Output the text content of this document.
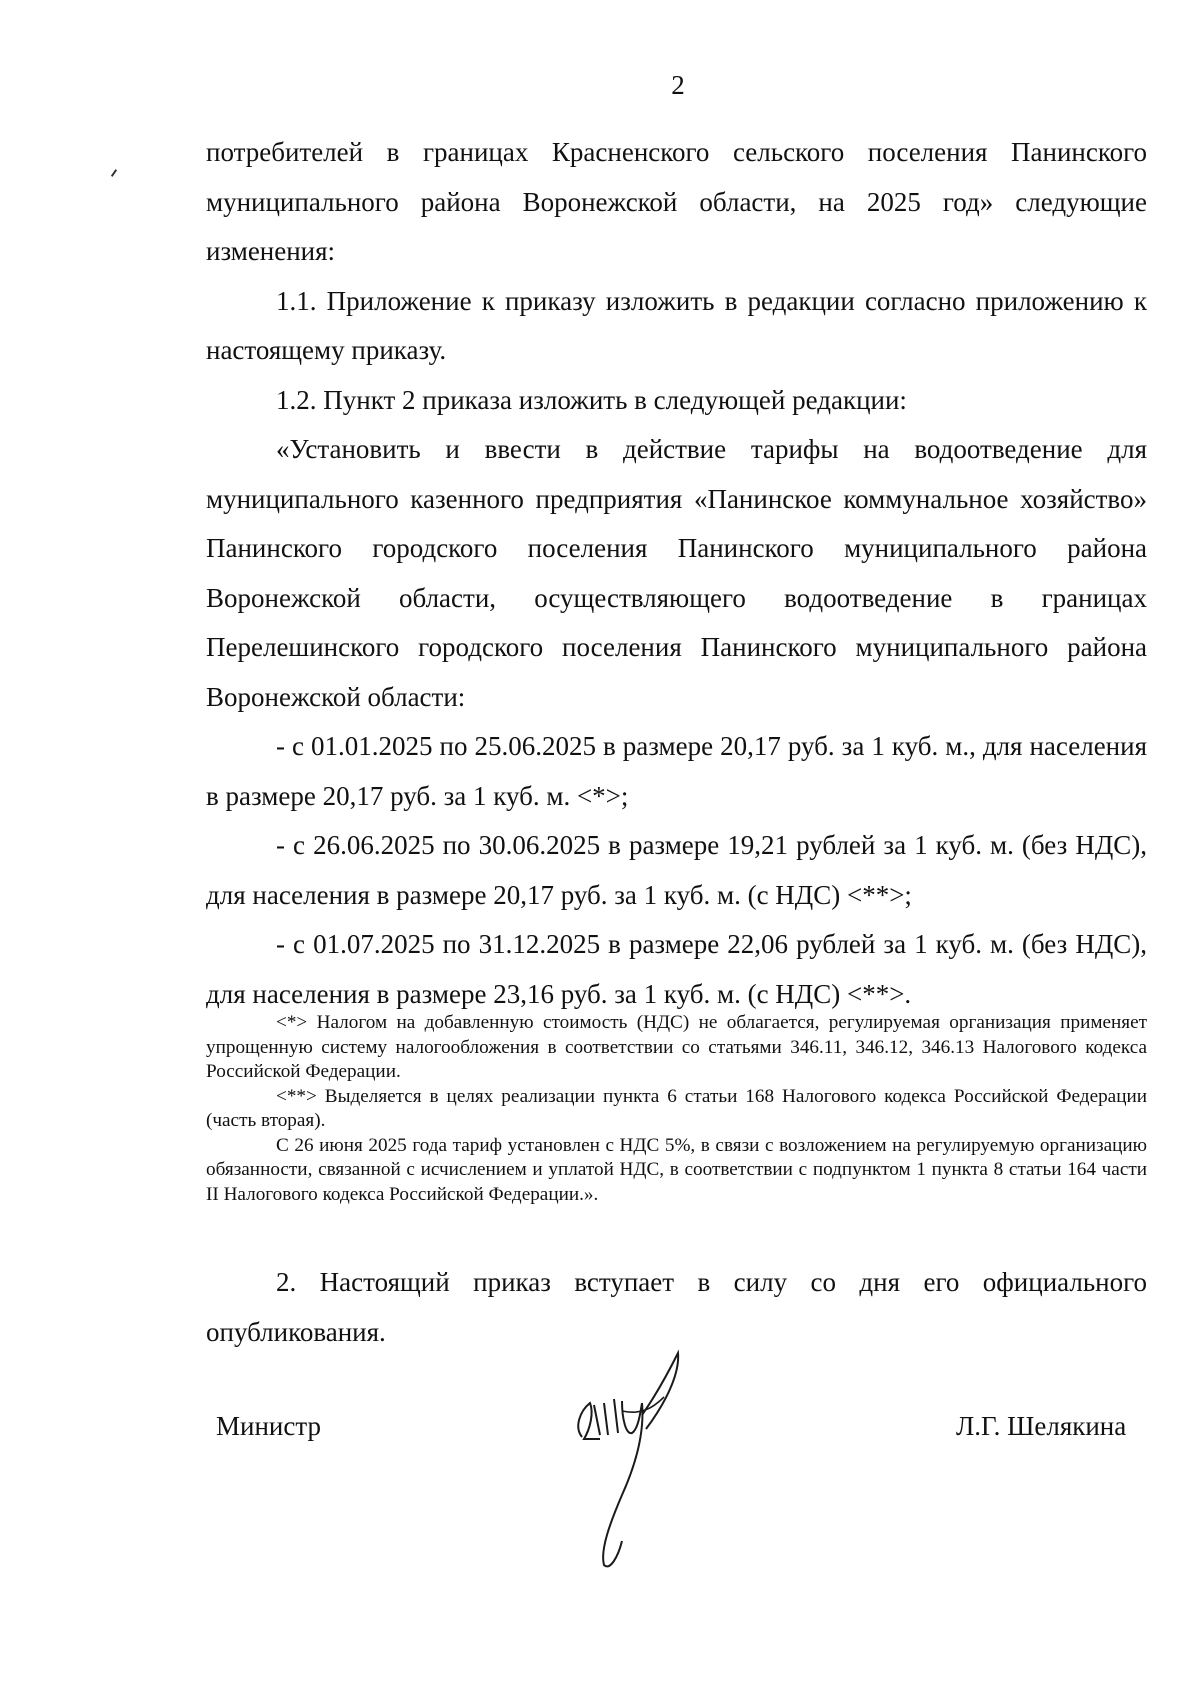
2

потребителей в границах Красненского сельского поселения Панинского муниципального района Воронежской области, на 2025 год» следующие изменения:

1.1. Приложение к приказу изложить в редакции согласно приложению к настоящему приказу.

1.2. Пункт 2 приказа изложить в следующей редакции:

«Установить и ввести в действие тарифы на водоотведение для муниципального казенного предприятия «Панинское коммунальное хозяйство» Панинского городского поселения Панинского муниципального района Воронежской области, осуществляющего водоотведение в границах Перелешинского городского поселения Панинского муниципального района Воронежской области:

- с 01.01.2025 по 25.06.2025 в размере 20,17 руб. за 1 куб. м., для населения в размере 20,17 руб. за 1 куб. м. <*>;

- с 26.06.2025 по 30.06.2025 в размере 19,21 рублей за 1 куб. м. (без НДС), для населения в размере 20,17 руб. за 1 куб. м. (с НДС) <**>;

- с 01.07.2025 по 31.12.2025 в размере 22,06 рублей за 1 куб. м. (без НДС), для населения в размере 23,16 руб. за 1 куб. м. (с НДС) <**>.

<*> Налогом на добавленную стоимость (НДС) не облагается, регулируемая организация применяет упрощенную систему налогообложения в соответствии со статьями 346.11, 346.12, 346.13 Налогового кодекса Российской Федерации.

<**> Выделяется в целях реализации пункта 6 статьи 168 Налогового кодекса Российской Федерации (часть вторая).

С 26 июня 2025 года тариф установлен с НДС 5%, в связи с возложением на регулируемую организацию обязанности, связанной с исчислением и уплатой НДС, в соответствии с подпунктом 1 пункта 8 статьи 164 части II Налогового кодекса Российской Федерации.».

2. Настоящий приказ вступает в силу со дня его официального опубликования.

Министр	Л.Г. Шелякина
